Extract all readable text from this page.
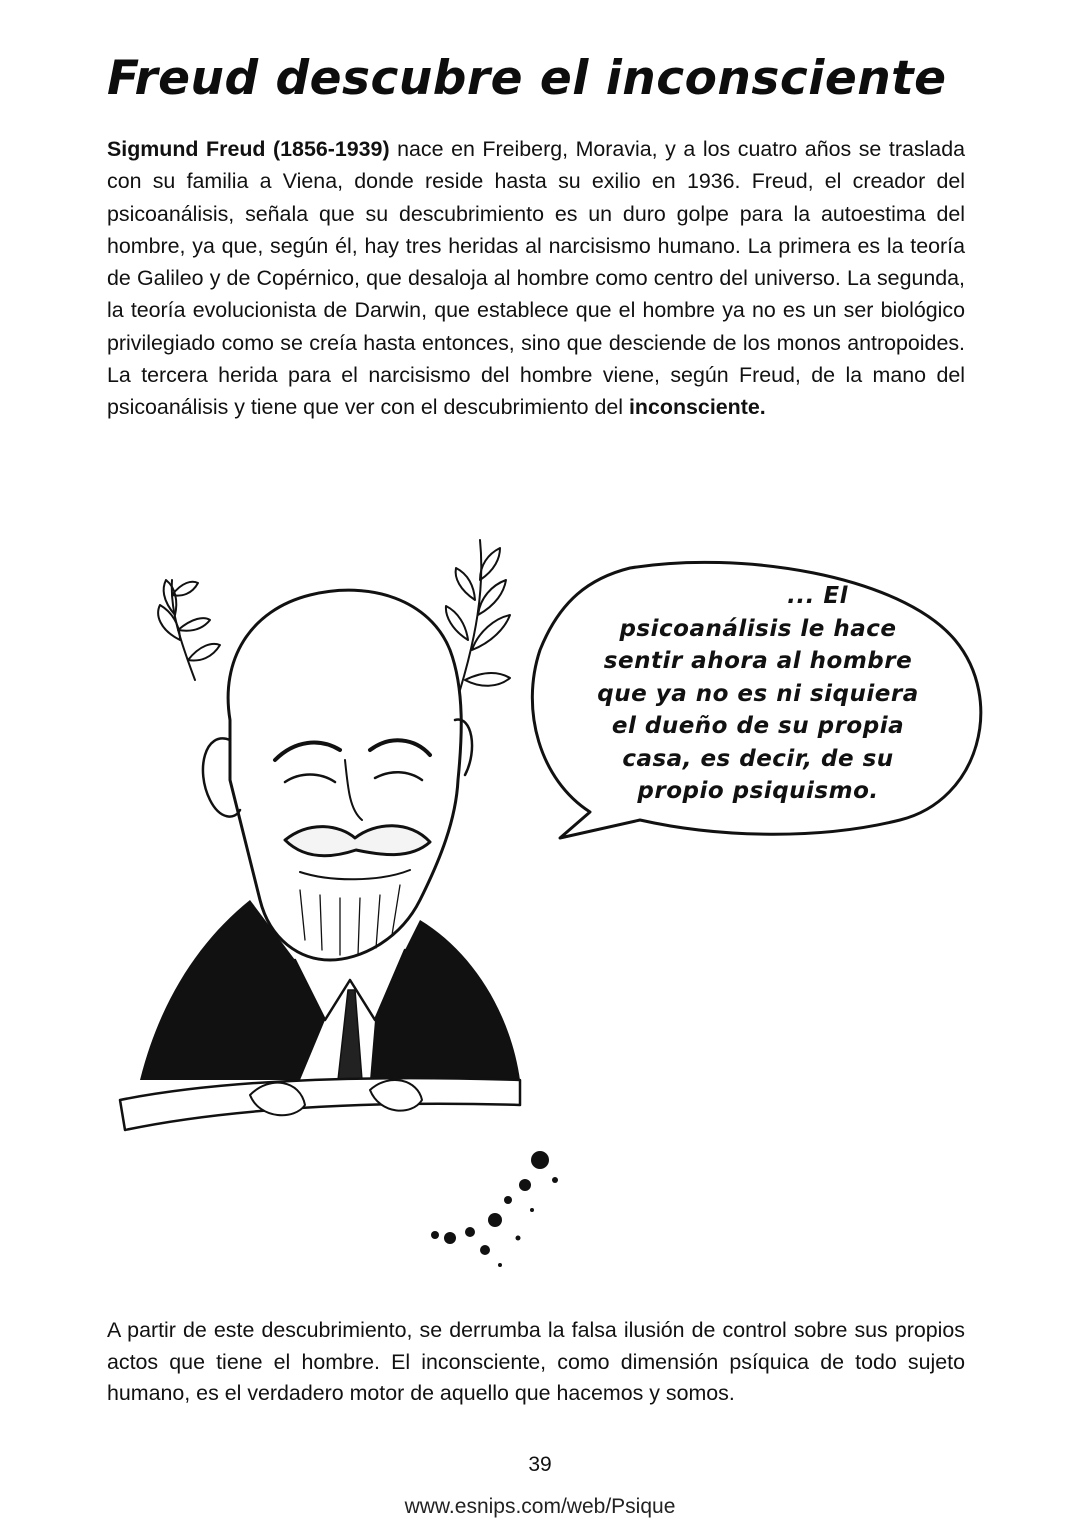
Freud descubre el inconsciente

Sigmund Freud (1856-1939) nace en Freiberg, Moravia, y a los cuatro años se traslada con su familia a Viena, donde reside hasta su exilio en 1936. Freud, el creador del psicoanálisis, señala que su descubrimiento es un duro golpe para la autoestima del hombre, ya que, según él, hay tres heridas al narcisismo humano. La primera es la teoría de Galileo y de Copérnico, que desaloja al hombre como centro del universo. La segunda, la teoría evolucionista de Darwin, que establece que el hombre ya no es un ser biológico privilegiado como se creía hasta entonces, sino que desciende de los monos antropoides. La tercera herida para el narcisismo del hombre viene, según Freud, de la mano del psicoanálisis y tiene que ver con el descubrimiento del inconsciente.

... El
psicoanálisis le hace
sentir ahora al hombre
que ya no es ni siquiera
el dueño de su propia
casa, es decir, de su
propio psiquismo.

A partir de este descubrimiento, se derrumba la falsa ilusión de control sobre sus propios actos que tiene el hombre. El inconsciente, como dimensión psíquica de todo sujeto humano, es el verdadero motor de aquello que hacemos y somos.

39

www.esnips.com/web/Psique
